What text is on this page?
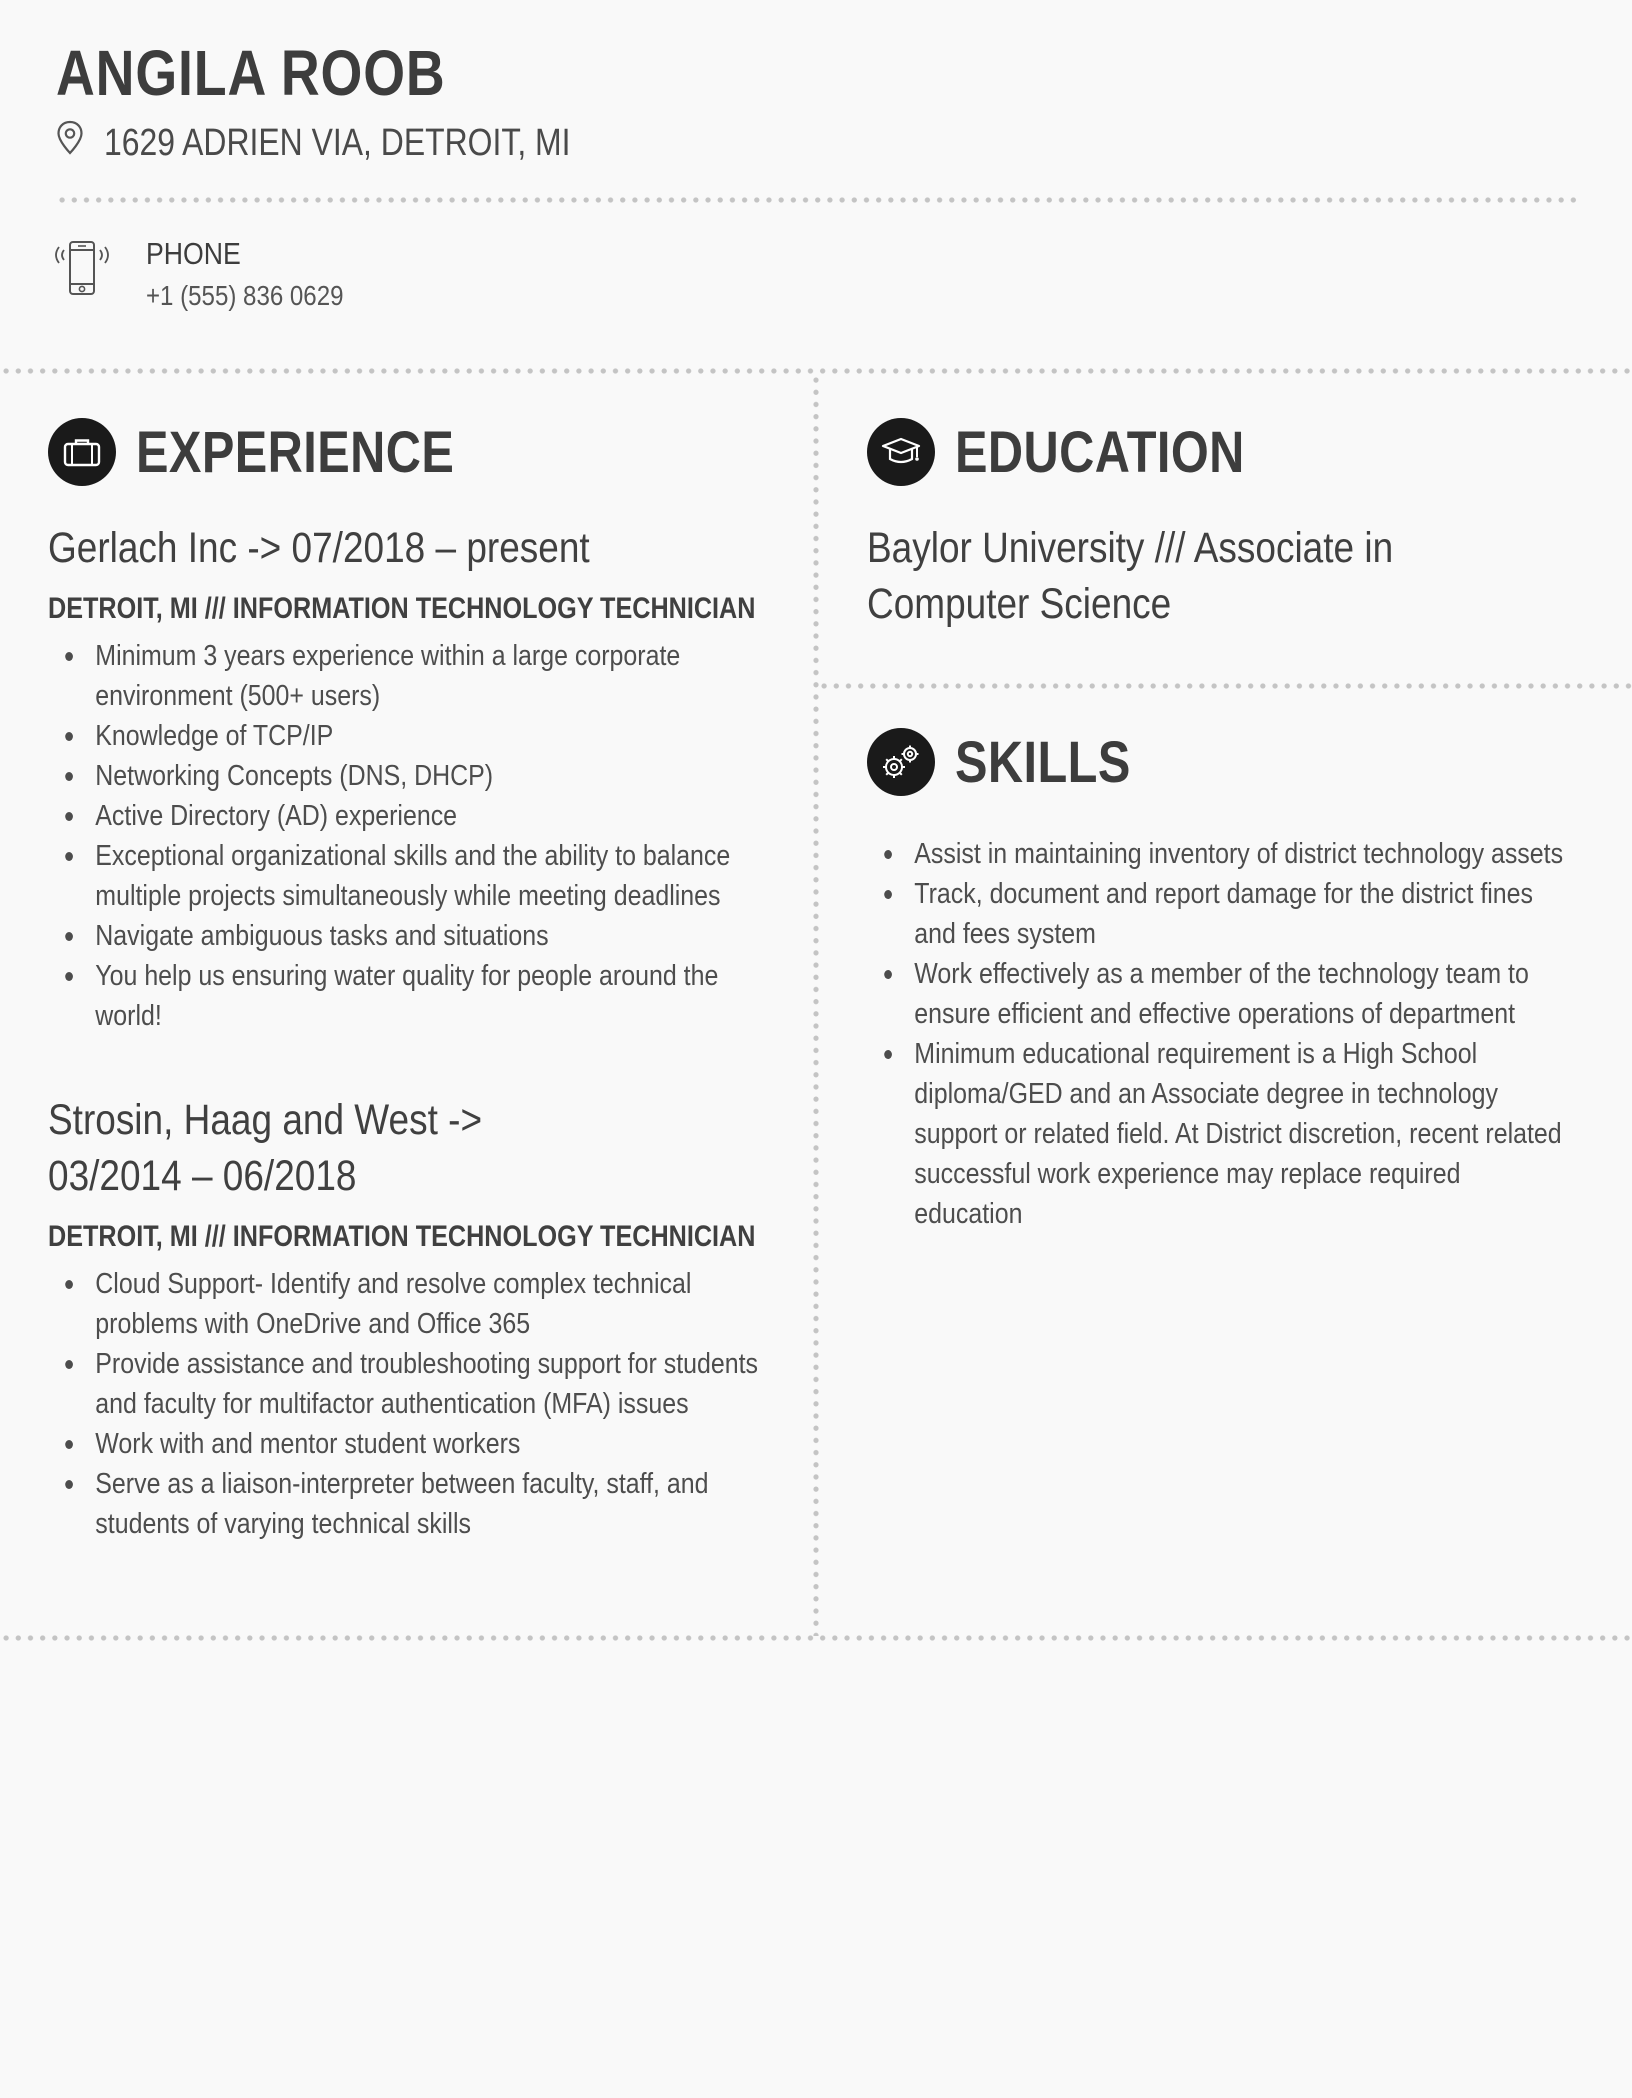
ANGILA ROOB
1629 ADRIEN VIA, DETROIT, MI
PHONE
+1 (555) 836 0629
EXPERIENCE
Gerlach Inc -> 07/2018 – present
DETROIT, MI /// INFORMATION TECHNOLOGY TECHNICIAN
Minimum 3 years experience within a large corporate environment (500+ users)
Knowledge of TCP/IP
Networking Concepts (DNS, DHCP)
Active Directory (AD) experience
Exceptional organizational skills and the ability to balance multiple projects simultaneously while meeting deadlines
Navigate ambiguous tasks and situations
You help us ensuring water quality for people around the world!
Strosin, Haag and West -> 03/2014 – 06/2018
DETROIT, MI /// INFORMATION TECHNOLOGY TECHNICIAN
Cloud Support- Identify and resolve complex technical problems with OneDrive and Office 365
Provide assistance and troubleshooting support for students and faculty for multifactor authentication (MFA) issues
Work with and mentor student workers
Serve as a liaison-interpreter between faculty, staff, and students of varying technical skills
EDUCATION
Baylor University /// Associate in Computer Science
SKILLS
Assist in maintaining inventory of district technology assets
Track, document and report damage for the district fines and fees system
Work effectively as a member of the technology team to ensure efficient and effective operations of department
Minimum educational requirement is a High School diploma/GED and an Associate degree in technology support or related field. At District discretion, recent related successful work experience may replace required education
